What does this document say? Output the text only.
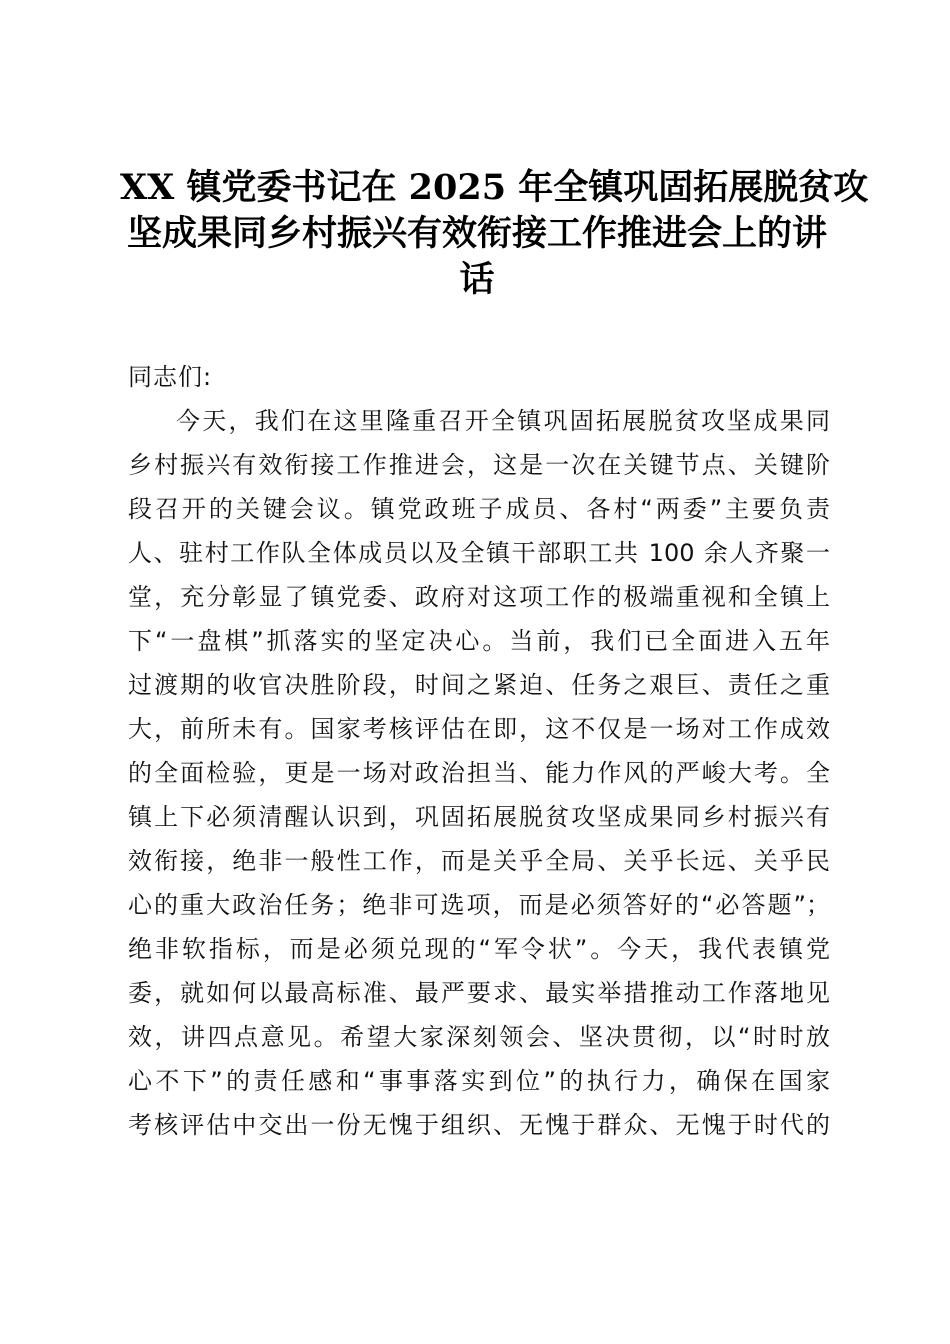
XX 镇党委书记在 2025 年全镇巩固拓展脱贫攻
坚成果同乡村振兴有效衔接工作推进会上的讲
话
同志们:
今天，我们在这里隆重召开全镇巩固拓展脱贫攻坚成果同
乡村振兴有效衔接工作推进会，这是一次在关键节点、关键阶
段召开的关键会议。镇党政班子成员、各村“两委”主要负责
人、驻村工作队全体成员以及全镇干部职工共 100 余人齐聚一
堂，充分彰显了镇党委、政府对这项工作的极端重视和全镇上
下“一盘棋”抓落实的坚定决心。当前，我们已全面进入五年
过渡期的收官决胜阶段，时间之紧迫、任务之艰巨、责任之重
大，前所未有。国家考核评估在即，这不仅是一场对工作成效
的全面检验，更是一场对政治担当、能力作风的严峻大考。全
镇上下必须清醒认识到，巩固拓展脱贫攻坚成果同乡村振兴有
效衔接，绝非一般性工作，而是关乎全局、关乎长远、关乎民
心的重大政治任务；绝非可选项，而是必须答好的“必答题”；
绝非软指标，而是必须兑现的“军令状”。今天，我代表镇党
委，就如何以最高标准、最严要求、最实举措推动工作落地见
效，讲四点意见。希望大家深刻领会、坚决贯彻，以“时时放
心不下”的责任感和“事事落实到位”的执行力，确保在国家
考核评估中交出一份无愧于组织、无愧于群众、无愧于时代的
